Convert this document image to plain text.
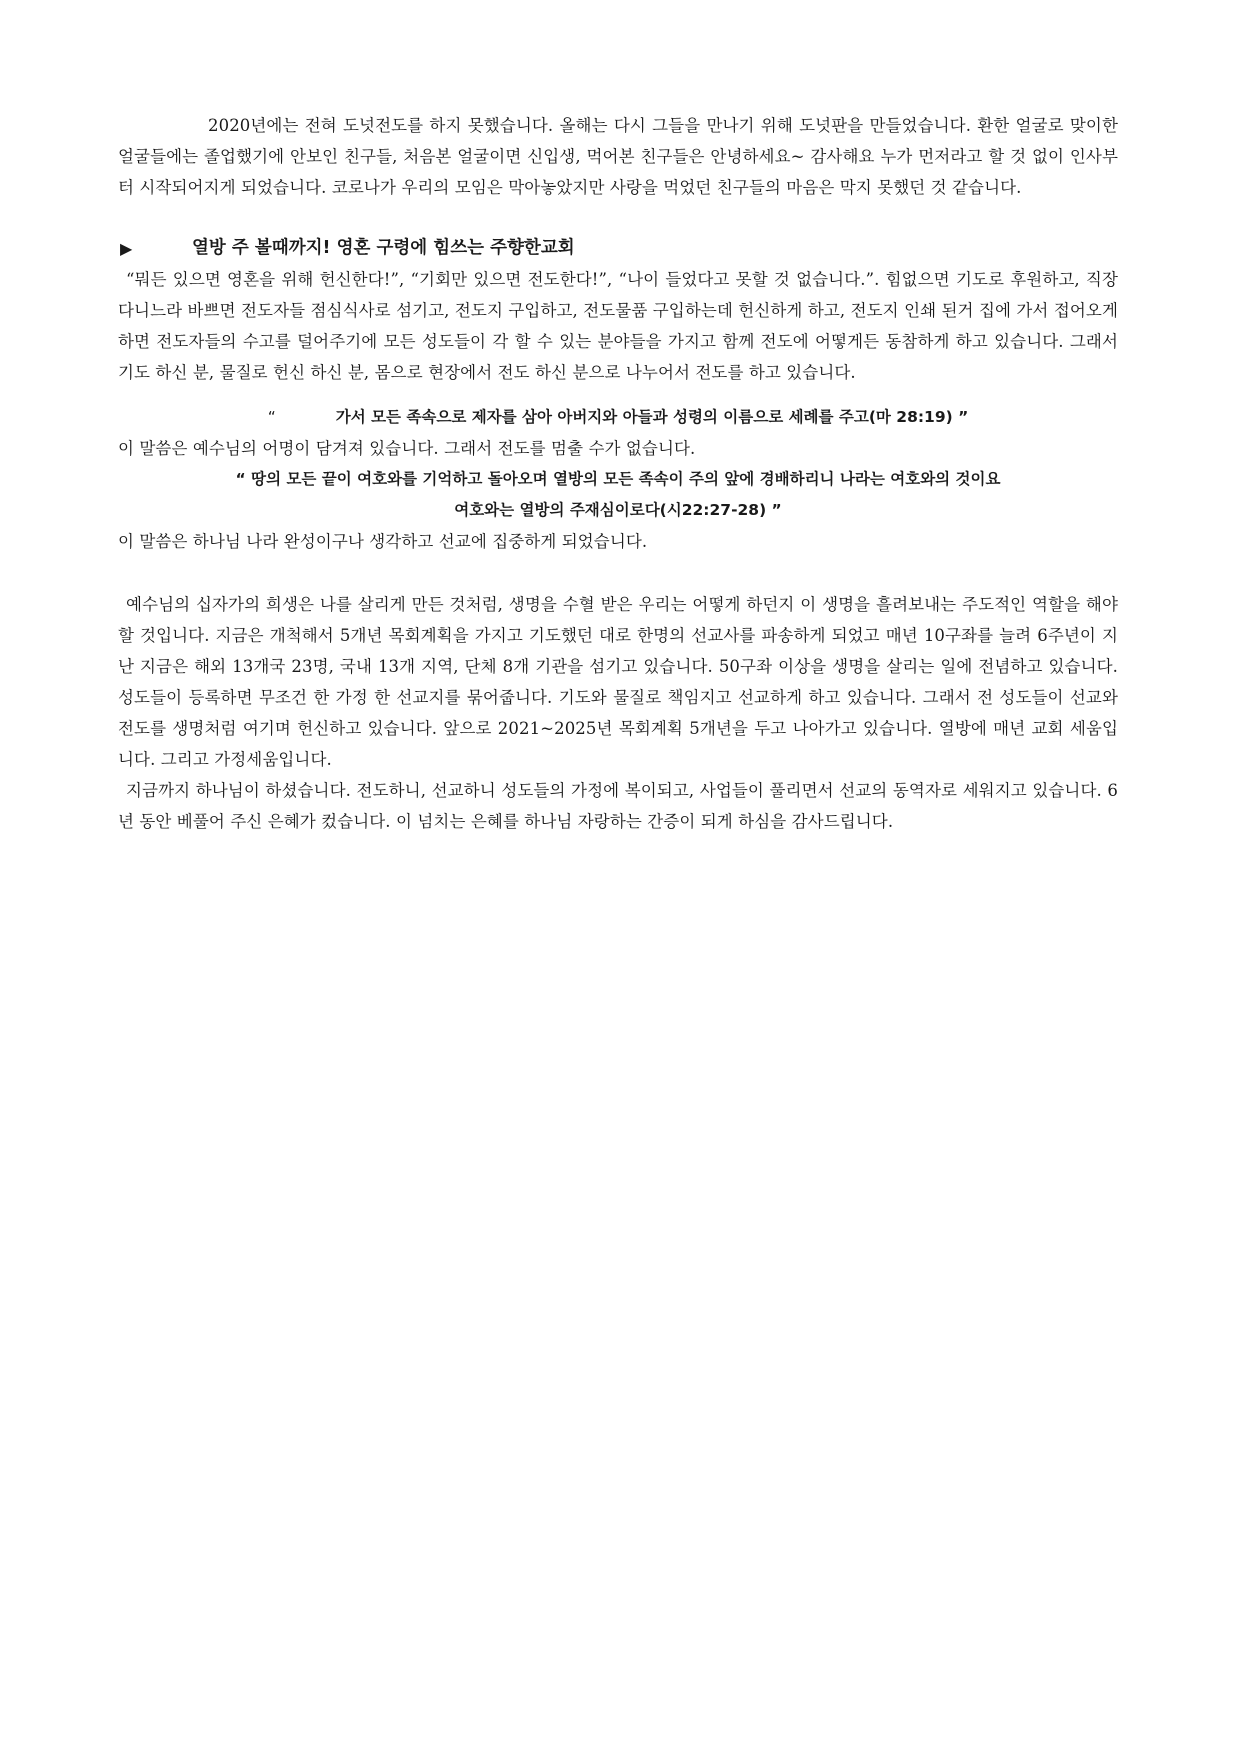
2020년에는 전혀 도넛전도를 하지 못했습니다. 올해는 다시 그들을 만나기 위해 도넛판을 만들었습니다. 환한 얼굴로 맞이한 얼굴들에는 졸업했기에 안보인 친구들, 처음본 얼굴이면 신입생, 먹어본 친구들은 안녕하세요~ 감사해요 누가 먼저라고 할 것 없이 인사부터 시작되어지게 되었습니다. 코로나가 우리의 모임은 막아놓았지만 사랑을 먹었던 친구들의 마음은 막지 못했던 것 같습니다.

▶	열방 주 볼때까지! 영혼 구령에 힘쓰는 주향한교회

“뭐든 있으면 영혼을 위해 헌신한다!”, “기회만 있으면 전도한다!”, “나이 들었다고 못할 것 없습니다.”. 힘없으면 기도로 후원하고, 직장 다니느라 바쁘면 전도자들 점심식사로 섬기고, 전도지 구입하고, 전도물품 구입하는데 헌신하게 하고, 전도지 인쇄 된거 집에 가서 접어오게 하면 전도자들의 수고를 덜어주기에 모든 성도들이 각 할 수 있는 분야들을 가지고 함께 전도에 어떻게든 동참하게 하고 있습니다. 그래서 기도 하신 분, 물질로 헌신 하신 분, 몸으로 현장에서 전도 하신 분으로 나누어서 전도를 하고 있습니다.

“	가서 모든 족속으로 제자를 삼아 아버지와 아들과 성령의 이름으로 세례를 주고(마 28:19) ”

이 말씀은 예수님의 어명이 담겨져 있습니다. 그래서 전도를 멈출 수가 없습니다.

“ 땅의 모든 끝이 여호와를 기억하고 돌아오며 열방의 모든 족속이 주의 앞에 경배하리니 나라는 여호와의 것이요
여호와는 열방의 주재심이로다(시22:27-28) ”

이 말씀은 하나님 나라 완성이구나 생각하고 선교에 집중하게 되었습니다.

예수님의 십자가의 희생은 나를 살리게 만든 것처럼, 생명을 수혈 받은 우리는 어떻게 하던지 이 생명을 흘려보내는 주도적인 역할을 해야 할 것입니다. 지금은 개척해서 5개년 목회계획을 가지고 기도했던 대로 한명의 선교사를 파송하게 되었고 매년 10구좌를 늘려 6주년이 지난 지금은 해외 13개국 23명, 국내 13개 지역, 단체 8개 기관을 섬기고 있습니다. 50구좌 이상을 생명을 살리는 일에 전념하고 있습니다. 성도들이 등록하면 무조건 한 가정 한 선교지를 묶어줍니다. 기도와 물질로 책임지고 선교하게 하고 있습니다. 그래서 전 성도들이 선교와 전도를 생명처럼 여기며 헌신하고 있습니다. 앞으로 2021~2025년 목회계획 5개년을 두고 나아가고 있습니다. 열방에 매년 교회 세움입니다. 그리고 가정세움입니다.

지금까지 하나님이 하셨습니다. 전도하니, 선교하니 성도들의 가정에 복이되고, 사업들이 풀리면서 선교의 동역자로 세워지고 있습니다. 6년 동안 베풀어 주신 은혜가 컸습니다. 이 넘치는 은혜를 하나님 자랑하는 간증이 되게 하심을 감사드립니다.
